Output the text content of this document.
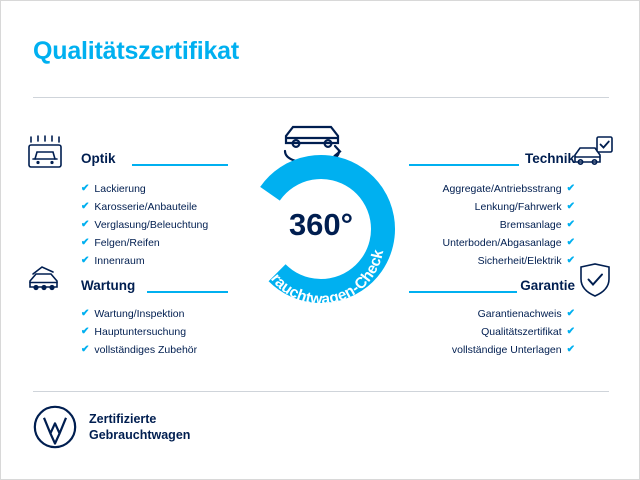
Qualitätszertifikat
Optik
✔ Lackierung
✔ Karosserie/Anbauteile
✔ Verglasung/Beleuchtung
✔ Felgen/Reifen
✔ Innenraum
Technik
Aggregate/Antriebsstrang ✔
Lenkung/Fahrwerk ✔
Bremsanlage ✔
Unterboden/Abgasanlage ✔
Sicherheit/Elektrik ✔
Wartung
✔ Wartung/Inspektion
✔ Hauptuntersuchung
✔ vollständiges Zubehör
Garantie
Garantienachweis ✔
Qualitätszertifikat ✔
vollständige Unterlagen ✔
Gebrauchtwagen-Check
360°
Zertifizierte
Gebrauchtwagen
